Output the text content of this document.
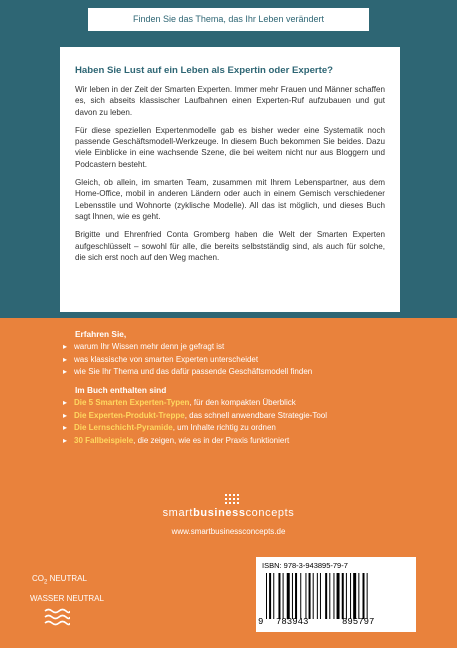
Finden Sie das Thema, das Ihr Leben verändert
Haben Sie Lust auf ein Leben als Expertin oder Experte?

Wir leben in der Zeit der Smarten Experten. Immer mehr Frauen und Männer schaffen es, sich abseits klassischer Laufbahnen einen Experten-Ruf aufzubauen und gut davon zu leben.

Für diese speziellen Expertenmodelle gab es bisher weder eine Systematik noch passende Geschäftsmodell-Werkzeuge. In diesem Buch bekommen Sie beides. Dazu viele Einblicke in eine wachsende Szene, die bei weitem nicht nur aus Bloggern und Podcastern besteht.

Gleich, ob allein, im smarten Team, zusammen mit Ihrem Lebenspartner, aus dem Home-Office, mobil in anderen Ländern oder auch in einem Gemisch verschiedener Lebensstile und Wohnorte (zyklische Modelle). All das ist möglich, und dieses Buch sagt Ihnen, wie es geht.

Brigitte und Ehrenfried Conta Gromberg haben die Welt der Smarten Experten aufgeschlüsselt – sowohl für alle, die bereits selbstständig sind, als auch für solche, die sich erst noch auf den Weg machen.

Erfahren Sie,
▸ warum Ihr Wissen mehr denn je gefragt ist
▸ was klassische von smarten Experten unterscheidet
▸ wie Sie Ihr Thema und das dafür passende Geschäftsmodell finden
Im Buch enthalten sind
▸ Die 5 Smarten Experten-Typen, für den kompakten Überblick
▸ Die Experten-Produkt-Treppe, das schnell anwendbare Strategie-Tool
▸ Die Lernschicht-Pyramide, um Inhalte richtig zu ordnen
▸ 30 Fallbeispiele, die zeigen, wie es in der Praxis funktioniert
smartbusinessconcepts
www.smartbusinessconcepts.de
$CO_2$ NEUTRAL
WASSER NEUTRAL
ISBN: 978-3-943895-79-7
9 783943	895797
